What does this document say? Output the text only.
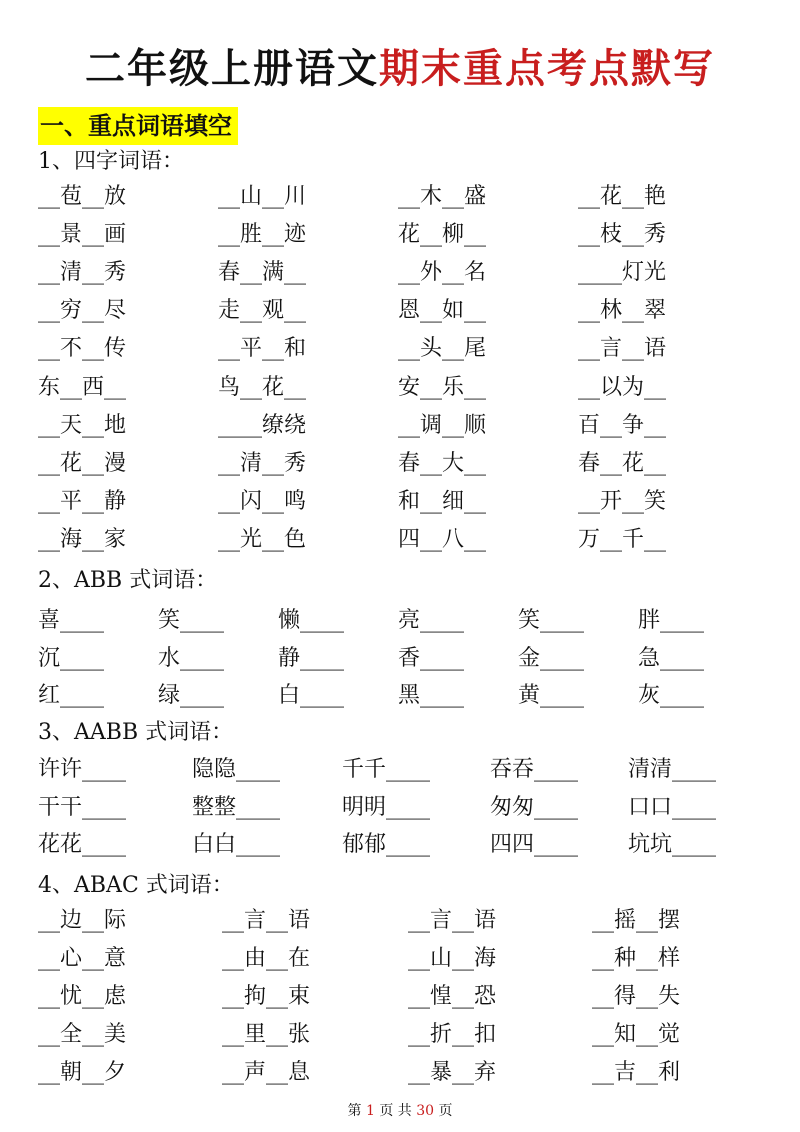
二年级上册语文期末重点考点默写
一、重点词语填空
1、四字词语：
__苞__放	__山__川	__木__盛	__花__艳
__景__画	__胜__迹	花__柳__	__枝__秀
__清__秀	春__满__	__外__名	____灯光
__穷__尽	走__观__	恩__如__	__林__翠
__不__传	__平__和	__头__尾	__言__语
东__西__	鸟__花__	安__乐__	__以为__
__天__地	____缭绕	__调__顺	百__争__
__花__漫	__清__秀	春__大__	春__花__
__平__静	__闪__鸣	和__细__	__开__笑
__海__家	__光__色	四__八__	万__千__
2、ABB 式词语：
喜____ 笑____ 懒____ 亮____ 笑____ 胖____
沉____ 水____ 静____ 香____ 金____ 急____
红____ 绿____ 白____ 黑____ 黄____ 灰____
3、AABB 式词语：
许许____	隐隐____	千千____	吞吞____ 清清____
干干____	整整____	明明____	匆匆____ 口口____
花花____	白白____	郁郁____	四四____ 坑坑____
4、ABAC 式词语：
__边__际	__言__语	__言__语	__摇__摆
__心__意	__由__在	__山__海	__种__样
__忧__虑	__拘__束	__惶__恐	__得__失
__全__美	__里__张	__折__扣	__知__觉
__朝__夕	__声__息	__暴__弃	__吉__利
第 1 页 共 30 页
